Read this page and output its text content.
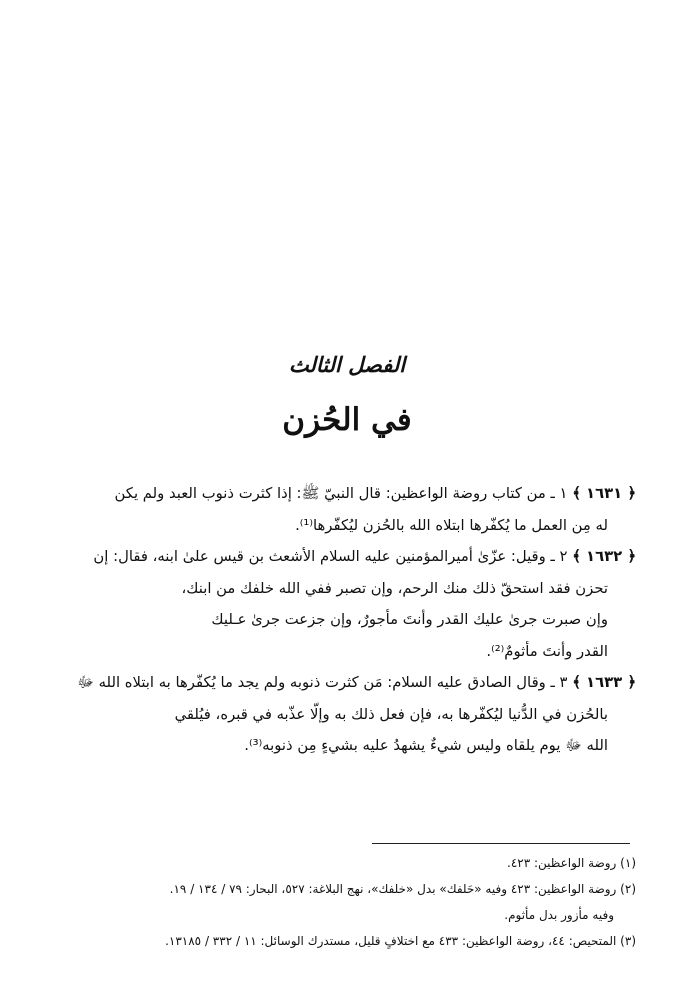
الفصل الثالث
في الحُزن

﴿ ١٦٣١ ﴾ ١ ـ من كتاب روضة الواعظين: قال النبيّ ﷺ: إذا كثرت ذنوب العبد ولم يكن

له مِن العمل ما يُكفّرها ابتلاه الله بالحُزن ليُكفّرها⁽¹⁾.

﴿ ١٦٣٢ ﴾ ٢ ـ وقيل: عزّىٰ أميرالمؤمنين عليه السلام الأشعث بن قيس علىٰ ابنه، فقال: إن

تحزن فقد استحقّ ذلك منك الرحم، وإن تصبر ففي الله خلفك من ابنك،

وإن صبرت جرىٰ عليك القدر وأنتَ مأجورٌ، وإن جزعت جرىٰ عـليك

القدر وأنتَ مأثومٌ⁽²⁾.

﴿ ١٦٣٣ ﴾ ٣ ـ وقال الصادق عليه السلام: مَن كثرت ذنوبه ولم يجد ما يُكفّرها به ابتلاه الله ﷻ

بالحُزن في الدُّنيا ليُكفّرها به، فإن فعل ذلك به وإلّا عذّبه في قبره، فيُلقي

الله ﷻ يوم يلقاه وليس شيءٌ يشهدُ عليه بشيءٍ مِن ذنوبه⁽³⁾.

(١) روضة الواعظين: ٤٢٣.

(٢) روضة الواعظين: ٤٢٣ وفيه «حَلفك» بدل «خلفك»، نهج البلاغة: ٥٢٧، البحار: ٧٩ / ١٣٤ / ١٩.

وفيه مأزور بدل مأثوم.

(٣) المتحيص: ٤٤، روضة الواعظين: ٤٣٣ مع اختلافٍ قليل، مستدرك الوسائل: ١١ / ٣٣٢ / ١٣١٨٥.
